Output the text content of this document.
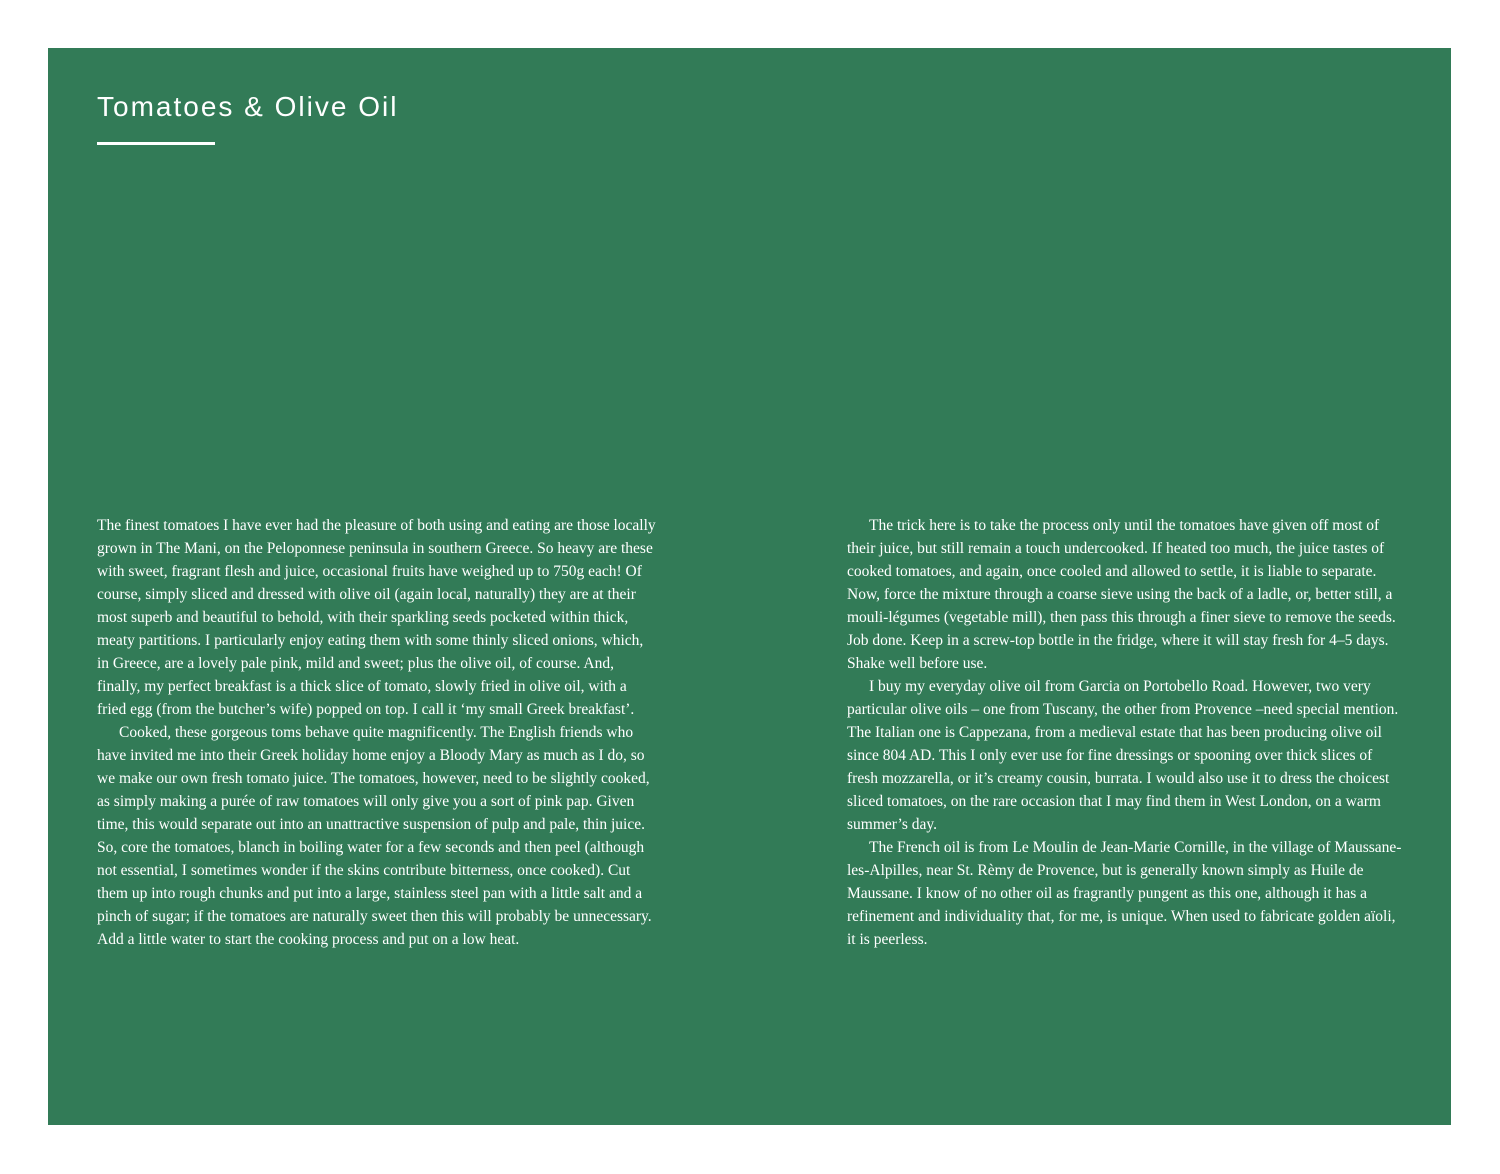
Tomatoes & Olive Oil

The finest tomatoes I have ever had the pleasure of both using and eating are those locally grown in The Mani, on the Peloponnese peninsula in southern Greece. So heavy are these with sweet, fragrant flesh and juice, occasional fruits have weighed up to 750g each! Of course, simply sliced and dressed with olive oil (again local, naturally) they are at their most superb and beautiful to behold, with their sparkling seeds pocketed within thick, meaty partitions. I particularly enjoy eating them with some thinly sliced onions, which, in Greece, are a lovely pale pink, mild and sweet; plus the olive oil, of course. And, finally, my perfect breakfast is a thick slice of tomato, slowly fried in olive oil, with a fried egg (from the butcher’s wife) popped on top. I call it ‘my small Greek breakfast’.

Cooked, these gorgeous toms behave quite magnificently. The English friends who have invited me into their Greek holiday home enjoy a Bloody Mary as much as I do, so we make our own fresh tomato juice. The tomatoes, however, need to be slightly cooked, as simply making a purée of raw tomatoes will only give you a sort of pink pap. Given time, this would separate out into an unattractive suspension of pulp and pale, thin juice. So, core the tomatoes, blanch in boiling water for a few seconds and then peel (although not essential, I sometimes wonder if the skins contribute bitterness, once cooked). Cut them up into rough chunks and put into a large, stainless steel pan with a little salt and a pinch of sugar; if the tomatoes are naturally sweet then this will probably be unnecessary. Add a little water to start the cooking process and put on a low heat.

The trick here is to take the process only until the tomatoes have given off most of their juice, but still remain a touch undercooked. If heated too much, the juice tastes of cooked tomatoes, and again, once cooled and allowed to settle, it is liable to separate. Now, force the mixture through a coarse sieve using the back of a ladle, or, better still, a mouli-légumes (vegetable mill), then pass this through a finer sieve to remove the seeds. Job done. Keep in a screw-top bottle in the fridge, where it will stay fresh for 4–5 days. Shake well before use.

I buy my everyday olive oil from Garcia on Portobello Road. However, two very particular olive oils – one from Tuscany, the other from Provence –need special mention. The Italian one is Cappezana, from a medieval estate that has been producing olive oil since 804 AD. This I only ever use for fine dressings or spooning over thick slices of fresh mozzarella, or it’s creamy cousin, burrata. I would also use it to dress the choicest sliced tomatoes, on the rare occasion that I may find them in West London, on a warm summer’s day.

The French oil is from Le Moulin de Jean-Marie Cornille, in the village of Maussane-les-Alpilles, near St. Rèmy de Provence, but is generally known simply as Huile de Maussane. I know of no other oil as fragrantly pungent as this one, although it has a refinement and individuality that, for me, is unique. When used to fabricate golden aïoli, it is peerless.
